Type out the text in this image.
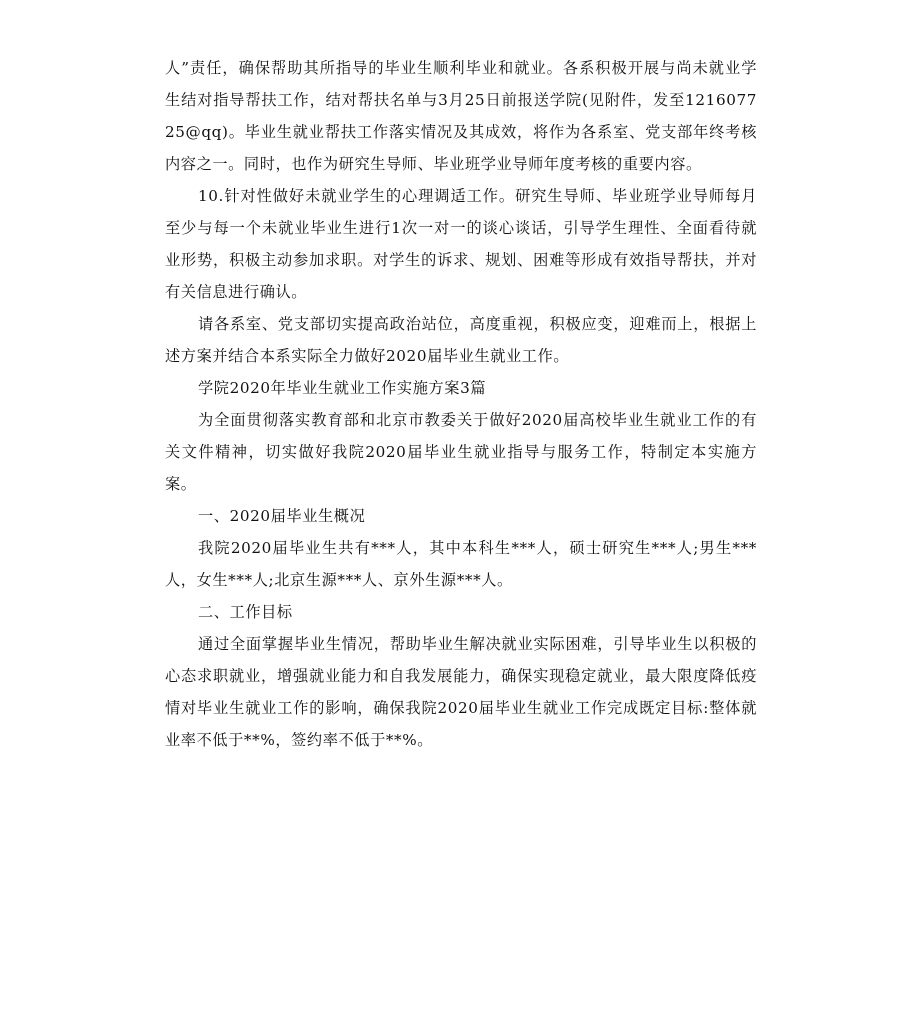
人”责任，确保帮助其所指导的毕业生顺利毕业和就业。各系积极开展与尚未就业学生结对指导帮扶工作，结对帮扶名单与3月25日前报送学院(见附件，发至121607725@qq)。毕业生就业帮扶工作落实情况及其成效，将作为各系室、党支部年终考核内容之一。同时，也作为研究生导师、毕业班学业导师年度考核的重要内容。

10.针对性做好未就业学生的心理调适工作。研究生导师、毕业班学业导师每月至少与每一个未就业毕业生进行1次一对一的谈心谈话，引导学生理性、全面看待就业形势，积极主动参加求职。对学生的诉求、规划、困难等形成有效指导帮扶，并对有关信息进行确认。

请各系室、党支部切实提高政治站位，高度重视，积极应变，迎难而上，根据上述方案并结合本系实际全力做好2020届毕业生就业工作。

学院2020年毕业生就业工作实施方案3篇

为全面贯彻落实教育部和北京市教委关于做好2020届高校毕业生就业工作的有关文件精神，切实做好我院2020届毕业生就业指导与服务工作，特制定本实施方案。

一、2020届毕业生概况

我院2020届毕业生共有***人，其中本科生***人，硕士研究生***人;男生***人，女生***人;北京生源***人、京外生源***人。

二、工作目标

通过全面掌握毕业生情况，帮助毕业生解决就业实际困难，引导毕业生以积极的心态求职就业，增强就业能力和自我发展能力，确保实现稳定就业，最大限度降低疫情对毕业生就业工作的影响，确保我院2020届毕业生就业工作完成既定目标:整体就业率不低于**%，签约率不低于**%。
